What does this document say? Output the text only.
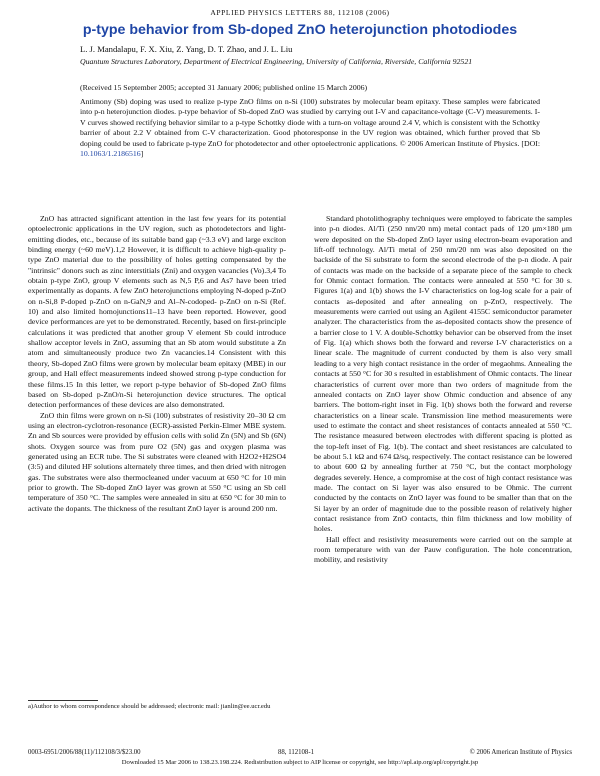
APPLIED PHYSICS LETTERS 88, 112108 (2006)
p-type behavior from Sb-doped ZnO heterojunction photodiodes
L. J. Mandalapu, F. X. Xiu, Z. Yang, D. T. Zhao, and J. L. Liu
Quantum Structures Laboratory, Department of Electrical Engineering, University of California, Riverside, California 92521
(Received 15 September 2005; accepted 31 January 2006; published online 15 March 2006)
Antimony (Sb) doping was used to realize p-type ZnO films on n-Si (100) substrates by molecular beam epitaxy. These samples were fabricated into p-n heterojunction diodes. p-type behavior of Sb-doped ZnO was studied by carrying out I-V and capacitance-voltage (C-V) measurements. I-V curves showed rectifying behavior similar to a p-type Schottky diode with a turn-on voltage around 2.4 V, which is consistent with the Schottky barrier of about 2.2 V obtained from C-V characterization. Good photoresponse in the UV region was obtained, which further proved that Sb doping could be used to fabricate p-type ZnO for photodetector and other optoelectronic applications. © 2006 American Institute of Physics. [DOI: 10.1063/1.2186516]

ZnO has attracted significant attention in the last few years for its potential optoelectronic applications in the UV region, such as photodetectors and light-emitting diodes, etc., because of its suitable band gap (~3.3 eV) and large exciton binding energy (~60 meV).1,2 However, it is difficult to achieve high-quality p-type ZnO material due to the possibility of holes getting compensated by the "intrinsic" donors such as zinc interstitials (Zni) and oxygen vacancies (Vo).3,4 To obtain p-type ZnO, group V elements such as N,5 P,6 and As7 have been tried experimentally as dopants. A few ZnO heterojunctions employing N-doped p-ZnO on n-Si,8 P-doped p-ZnO on n-GaN,9 and Al–N-codoped- p-ZnO on n-Si (Ref. 10) and also limited homojunctions11–13 have been reported. However, good device performances are yet to be demonstrated. Recently, based on first-principle calculations it was predicted that another group V element Sb could introduce shallow acceptor levels in ZnO, assuming that an Sb atom would substitute a Zn atom and simultaneously produce two Zn vacancies.14 Consistent with this theory, Sb-doped ZnO films were grown by molecular beam epitaxy (MBE) in our group, and Hall effect measurements indeed showed strong p-type conduction for these films.15 In this letter, we report p-type behavior of Sb-doped ZnO films based on Sb-doped p-ZnO/n-Si heterojunction device structures. The optical detection performances of these devices are also demonstrated.

ZnO thin films were grown on n-Si (100) substrates of resistivity 20–30 Ω cm using an electron-cyclotron-resonance (ECR)-assisted Perkin-Elmer MBE system. Zn and Sb sources were provided by effusion cells with solid Zn (5N) and Sb (6N) shots. Oxygen source was from pure O2 (5N) gas and oxygen plasma was generated using an ECR tube. The Si substrates were cleaned with H2O2+H2SO4 (3:5) and diluted HF solutions alternately three times, and then dried with nitrogen gas. The substrates were also thermocleaned under vacuum at 650 °C for 10 min prior to growth. The Sb-doped ZnO layer was grown at 550 °C using an Sb cell temperature of 350 °C. The samples were annealed in situ at 650 °C for 30 min to activate the dopants. The thickness of the resultant ZnO layer is around 200 nm.

Standard photolithography techniques were employed to fabricate the samples into p-n diodes. Al/Ti (250 nm/20 nm) metal contact pads of 120 μm×180 μm were deposited on the Sb-doped ZnO layer using electron-beam evaporation and lift-off technology. Al/Ti metal of 250 nm/20 nm was also deposited on the backside of the Si substrate to form the second electrode of the p-n diode. A pair of contacts was made on the backside of a separate piece of the sample to check for Ohmic contact formation. The contacts were annealed at 550 °C for 30 s. Figures 1(a) and 1(b) shows the I-V characteristics on log-log scale for a pair of contacts as-deposited and after annealing on p-ZnO, respectively. The measurements were carried out using an Agilent 4155C semiconductor parameter analyzer. The characteristics from the as-deposited contacts show the presence of a barrier close to 1 V. A double-Schottky behavior can be observed from the inset of Fig. 1(a) which shows both the forward and reverse I-V characteristics on a linear scale. The magnitude of current conducted by them is also very small leading to a very high contact resistance in the order of megaohms. Annealing the contacts at 550 °C for 30 s resulted in establishment of Ohmic contacts. The linear characteristics of current over more than two orders of magnitude from the annealed contacts on ZnO layer show Ohmic conduction and absence of any barriers. The bottom-right inset in Fig. 1(b) shows both the forward and reverse characteristics on a linear scale. Transmission line method measurements were used to estimate the contact and sheet resistances of contacts annealed at 550 °C. The resistance measured between electrodes with different spacing is plotted as the top-left inset of Fig. 1(b). The contact and sheet resistances are calculated to be about 5.1 kΩ and 674 Ω/sq, respectively. The contact resistance can be lowered to about 600 Ω by annealing further at 750 °C, but the contact morphology degrades severely. Hence, a compromise at the cost of high contact resistance was made. The contact on Si layer was also ensured to be Ohmic. The current conducted by the contacts on ZnO layer was found to be smaller than that on the Si layer by an order of magnitude due to the possible reason of relatively higher contact resistance from ZnO contacts, thin film thickness and low mobility of holes.

Hall effect and resistivity measurements were carried out on the sample at room temperature with van der Pauw configuration. The hole concentration, mobility, and resistivity

a)Author to whom correspondence should be addressed; electronic mail: jianlin@ee.ucr.edu
0003-6951/2006/88(11)/112108/3/$23.00	88, 112108-1	© 2006 American Institute of Physics
Downloaded 15 Mar 2006 to 138.23.198.224. Redistribution subject to AIP license or copyright, see http://apl.aip.org/apl/copyright.jsp
